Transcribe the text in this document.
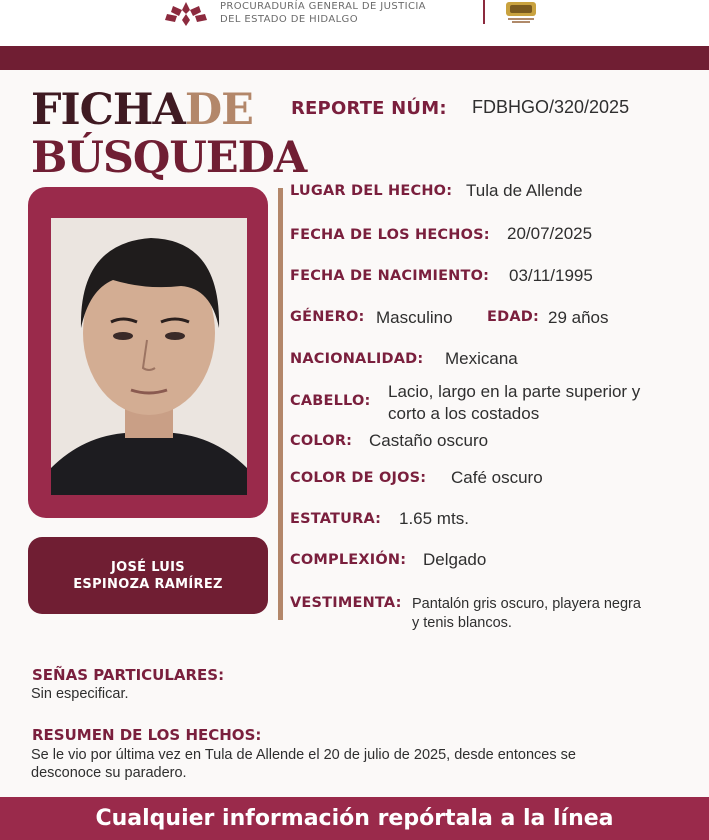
PROCURADURÍA GENERAL DE JUSTICIA
DEL ESTADO DE HIDALGO
FICHADE
BÚSQUEDA
REPORTE NÚM: FDBHGO/320/2025
JOSÉ LUIS
ESPINOZA RAMÍREZ
LUGAR DEL HECHO: Tula de Allende
FECHA DE LOS HECHOS: 20/07/2025
FECHA DE NACIMIENTO: 03/11/1995
GÉNERO: Masculino EDAD: 29 años
NACIONALIDAD: Mexicana
CABELLO: Lacio, largo en la parte superior y
corto a los costados
COLOR: Castaño oscuro
COLOR DE OJOS: Café oscuro
ESTATURA: 1.65 mts.
COMPLEXIÓN: Delgado
VESTIMENTA: Pantalón gris oscuro, playera negra
y tenis blancos.
SEÑAS PARTICULARES:
Sin especificar.
RESUMEN DE LOS HECHOS:
Se le vio por última vez en Tula de Allende el 20 de julio de 2025, desde entonces se
desconoce su paradero.
Cualquier información repórtala a la línea
